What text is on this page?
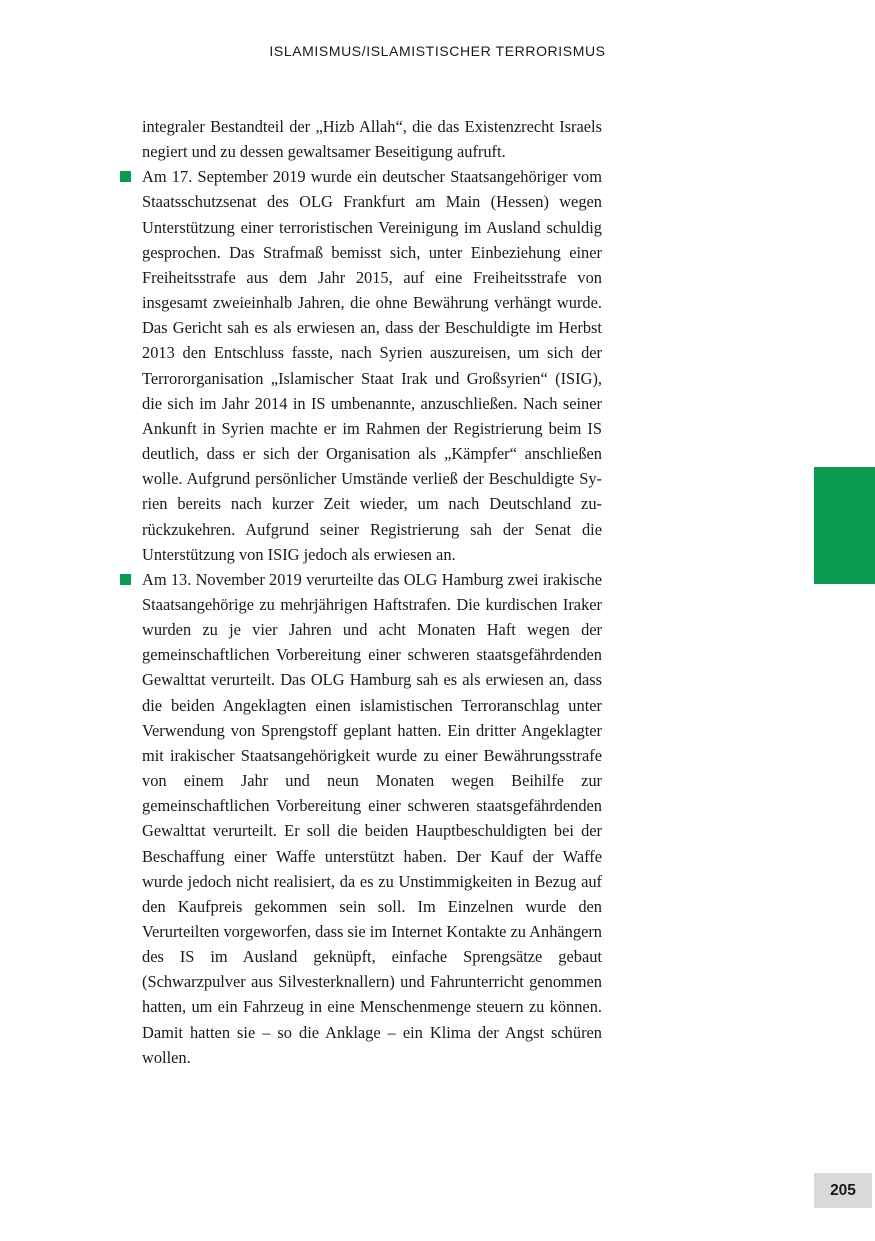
ISLAMISMUS/ISLAMISTISCHER TERRORISMUS

integraler Bestandteil der „Hizb Allah“, die das Existenzrecht Israels negiert und zu dessen gewaltsamer Beseitigung aufruft.

Am 17. September 2019 wurde ein deutscher Staatsangehöriger vom Staatsschutzsenat des OLG Frankfurt am Main (Hessen) wegen Unterstützung einer terroristischen Vereinigung im Ausland schuldig gesprochen. Das Strafmaß bemisst sich, unter Einbeziehung einer Freiheitsstrafe aus dem Jahr 2015, auf eine Freiheitsstrafe von insgesamt zweieinhalb Jahren, die ohne Bewährung verhängt wurde. Das Gericht sah es als erwiesen an, dass der Beschuldigte im Herbst 2013 den Entschluss fasste, nach Syrien auszureisen, um sich der Terrororganisation „Islamischer Staat Irak und Großsyrien“ (ISIG), die sich im Jahr 2014 in IS umbenannte, anzuschließen. Nach seiner Ankunft in Syrien machte er im Rahmen der Registrierung beim IS deutlich, dass er sich der Organisation als „Kämpfer“ anschließen wolle. Aufgrund persönlicher Umstände verließ der Beschuldigte Syrien bereits nach kurzer Zeit wieder, um nach Deutschland zurückzukehren. Aufgrund seiner Registrierung sah der Senat die Unterstützung von ISIG jedoch als erwiesen an.

Am 13. November 2019 verurteilte das OLG Hamburg zwei irakische Staatsangehörige zu mehrjährigen Haftstrafen. Die kurdischen Iraker wurden zu je vier Jahren und acht Monaten Haft wegen der gemeinschaftlichen Vorbereitung einer schweren staatsgefährdenden Gewalttat verurteilt. Das OLG Hamburg sah es als erwiesen an, dass die beiden Angeklagten einen islamistischen Terroranschlag unter Verwendung von Sprengstoff geplant hatten. Ein dritter Angeklagter mit irakischer Staatsangehörigkeit wurde zu einer Bewährungsstrafe von einem Jahr und neun Monaten wegen Beihilfe zur gemeinschaftlichen Vorbereitung einer schweren staatsgefährdenden Gewalttat verurteilt. Er soll die beiden Hauptbeschuldigten bei der Beschaffung einer Waffe unterstützt haben. Der Kauf der Waffe wurde jedoch nicht realisiert, da es zu Unstimmigkeiten in Bezug auf den Kaufpreis gekommen sein soll. Im Einzelnen wurde den Verurteilten vorgeworfen, dass sie im Internet Kontakte zu Anhängern des IS im Ausland geknüpft, einfache Sprengsätze gebaut (Schwarzpulver aus Silvesterknallern) und Fahrunterricht genommen hatten, um ein Fahrzeug in eine Menschenmenge steuern zu können. Damit hatten sie – so die Anklage – ein Klima der Angst schüren wollen.

205
